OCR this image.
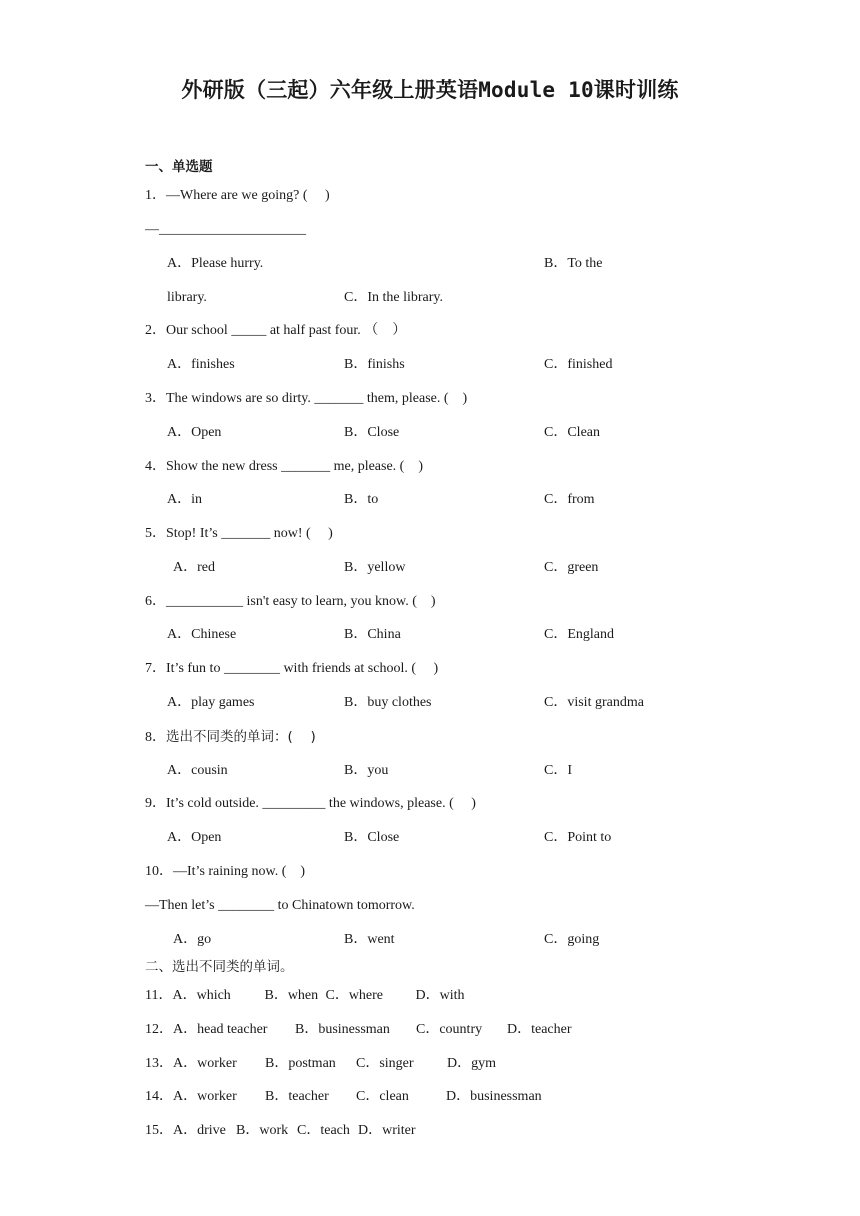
外研版（三起）六年级上册英语Module 10课时训练
一、单选题
1．—Where are we going? (　 )
—_____________________
A．Please hurry.	B．To the
library.	C．In the library.
2．Our school _____ at half past four. （　）
A．finishes	B．finishs	C．finished
3．The windows are so dirty. _______ them, please. (　)
A．Open	B．Close	C．Clean
4．Show the new dress _______ me, please. (　)
A．in	B．to	C．from
5．Stop! It’s _______ now! (　 )
A．red	B．yellow	C．green
6．___________ isn't easy to learn, you know. (　)
A．Chinese	B．China	C．England
7．It’s fun to ________ with friends at school. (　 )
A．play games	B．buy clothes	C．visit grandma
8．选出不同类的单词：(　 )
A．cousin	B．you	C．I
9．It’s cold outside. _________ the windows, please. (　 )
A．Open	B．Close	C．Point to
10．—It’s raining now. (　)
—Then let’s ________ to Chinatown tomorrow.
A．go	B．went	C．going
二、选出不同类的单词。
11．A．which B．when C．where D．with
12．A．head teacher B．businessman C．country D．teacher
13．A．worker B．postman C．singer D．gym
14．A．worker B．teacher C．clean	D．businessman
15．A．drive B．work C．teach D．writer
